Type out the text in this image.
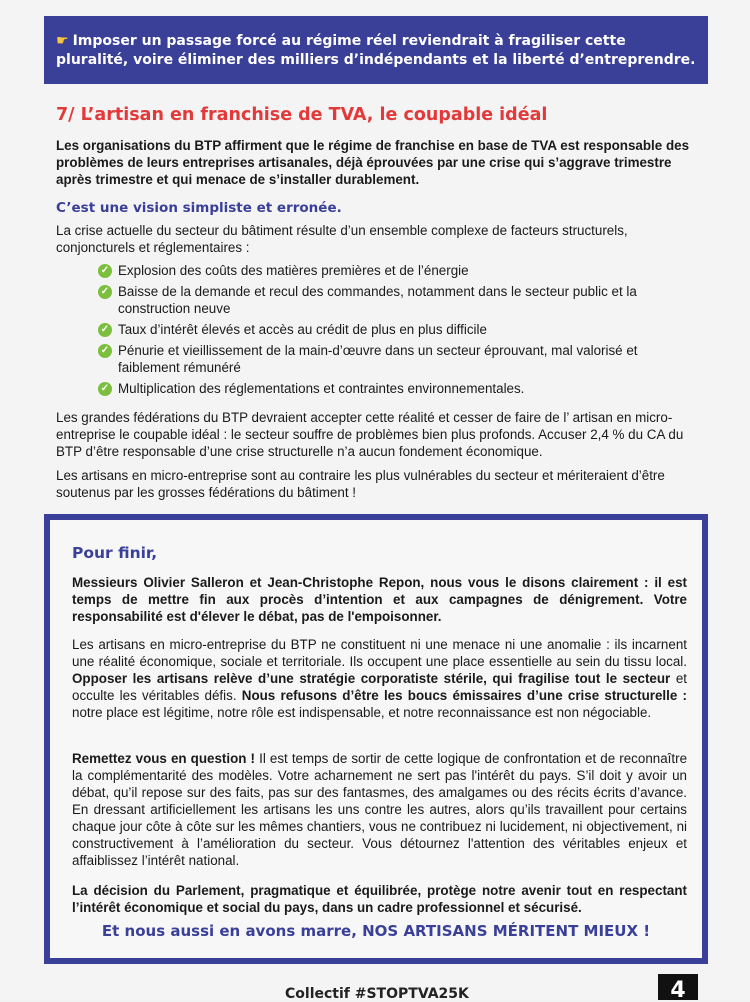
☛ Imposer un passage forcé au régime réel reviendrait à fragiliser cette pluralité, voire éliminer des milliers d’indépendants et la liberté d’entreprendre.
7/ L’artisan en franchise de TVA, le coupable idéal
Les organisations du BTP affirment que le régime de franchise en base de TVA est responsable des problèmes de leurs entreprises artisanales, déjà éprouvées par une crise qui s’aggrave trimestre après trimestre et qui menace de s’installer durablement.
C’est une vision simpliste et erronée.
La crise actuelle du secteur du bâtiment résulte d’un ensemble complexe de facteurs structurels, conjoncturels et réglementaires :
✓ Explosion des coûts des matières premières et de l’énergie
✓ Baisse de la demande et recul des commandes, notamment dans le secteur public et la construction neuve
✓ Taux d’intérêt élevés et accès au crédit de plus en plus difficile
✓ Pénurie et vieillissement de la main-d’œuvre dans un secteur éprouvant, mal valorisé et faiblement rémunéré
✓ Multiplication des réglementations et contraintes environnementales.
Les grandes fédérations du BTP devraient accepter cette réalité et cesser de faire de l’ artisan en micro-entreprise le coupable idéal : le secteur souffre de problèmes bien plus profonds. Accuser 2,4 % du CA du BTP d’être responsable d’une crise structurelle n’a aucun fondement économique.
Les artisans en micro-entreprise sont au contraire les plus vulnérables du secteur et mériteraient d’être soutenus par les grosses fédérations du bâtiment !
Pour finir,
Messieurs Olivier Salleron et Jean-Christophe Repon, nous vous le disons clairement : il est temps de mettre fin aux procès d’intention et aux campagnes de dénigrement. Votre responsabilité est d'élever le débat, pas de l'empoisonner.
Les artisans en micro-entreprise du BTP ne constituent ni une menace ni une anomalie : ils incarnent une réalité économique, sociale et territoriale. Ils occupent une place essentielle au sein du tissu local. Opposer les artisans relève d’une stratégie corporatiste stérile, qui fragilise tout le secteur et occulte les véritables défis. Nous refusons d’être les boucs émissaires d’une crise structurelle : notre place est légitime, notre rôle est indispensable, et notre reconnaissance est non négociable.
Remettez vous en question ! Il est temps de sortir de cette logique de confrontation et de reconnaître la complémentarité des modèles. Votre acharnement ne sert pas l'intérêt du pays. S’il doit y avoir un débat, qu’il repose sur des faits, pas sur des fantasmes, des amalgames ou des récits écrits d’avance. En dressant artificiellement les artisans les uns contre les autres, alors qu’ils travaillent pour certains chaque jour côte à côte sur les mêmes chantiers, vous ne contribuez ni lucidement, ni objectivement, ni constructivement à l’amélioration du secteur. Vous détournez l'attention des véritables enjeux et affaiblissez l’intérêt national.
La décision du Parlement, pragmatique et équilibrée, protège notre avenir tout en respectant l’intérêt économique et social du pays, dans un cadre professionnel et sécurisé.
Et nous aussi en avons marre, NOS ARTISANS MÉRITENT MIEUX !
Collectif #STOPTVA25K	4
